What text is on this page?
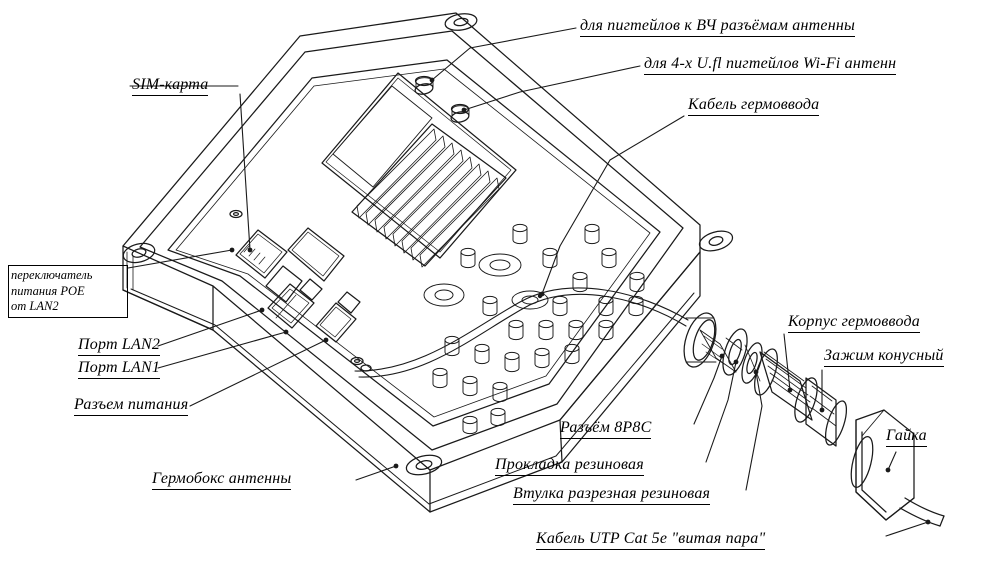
SIM-карта
для пигтейлов к ВЧ разъёмам антенны
для 4-х U.fl пигтейлов Wi-Fi антенн
Кабель гермоввода
Корпус гермоввода
Зажим конусный
Гайка
Разъём 8P8C
Прокладка резиновая
Втулка разрезная резиновая
Кабель UTP Cat 5e "витая пара"
переключатель
питания POE
от LAN2
Порт LAN2
Порт LAN1
Разъем питания
Гермобокс антенны
